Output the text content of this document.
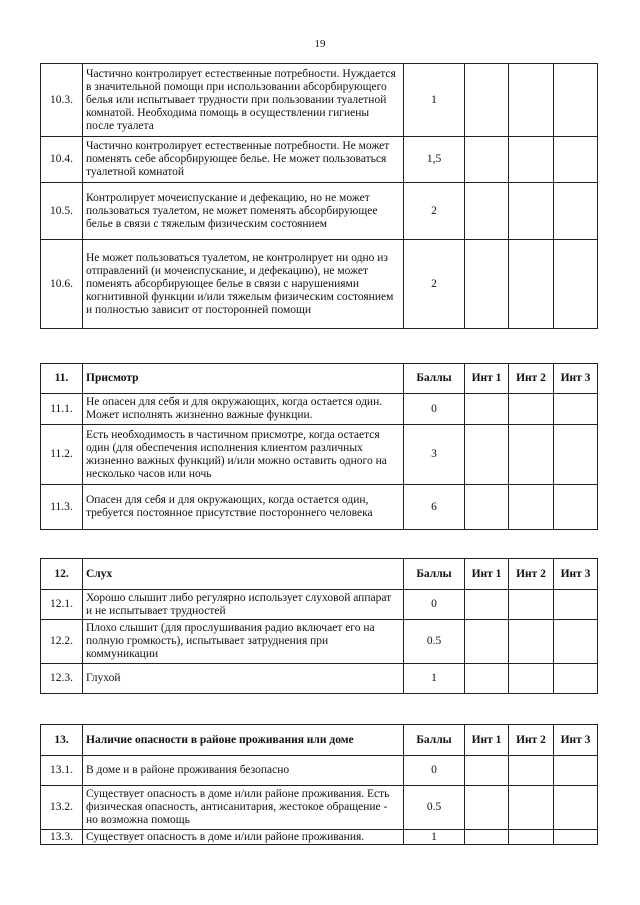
19
10.3.	Частично контролирует естественные потребности. Нуждается в значительной помощи при использовании абсорбирующего белья или испытывает трудности при пользовании туалетной комнатой. Необходима помощь в осуществлении гигиены после туалета	1			
10.4.	Частично контролирует естественные потребности. Не может поменять себе абсорбирующее белье. Не может пользоваться туалетной комнатой	1,5			
10.5.	Контролирует мочеиспускание и дефекацию, но не может пользоваться туалетом, не может поменять абсорбирующее белье в связи с тяжелым физическим состоянием	2			
10.6.	Не может пользоваться туалетом, не контролирует ни одно из отправлений (и мочеиспускание, и дефекацию), не может поменять абсорбирующее белье в связи с нарушениями когнитивной функции и/или тяжелым физическим состоянием и полностью зависит от посторонней помощи	2			
11.	Присмотр	Баллы	Инт 1	Инт 2	Инт 3
11.1.	Не опасен для себя и для окружающих, когда остается один. Может исполнять жизненно важные функции.	0			
11.2.	Есть необходимость в частичном присмотре, когда остается один (для обеспечения исполнения клиентом различных жизненно важных функций) и/или можно оставить одного на несколько часов или ночь	3			
11.3.	Опасен для себя и для окружающих, когда остается один, требуется постоянное присутствие постороннего человека	6			
12.	Слух	Баллы	Инт 1	Инт 2	Инт 3
12.1.	Хорошо слышит либо регулярно использует слуховой аппарат и не испытывает трудностей	0			
12.2.	Плохо слышит (для прослушивания радио включает его на полную громкость), испытывает затруднения при коммуникации	0.5			
12.3.	Глухой	1			
13.	Наличие опасности в районе проживания или доме	Баллы	Инт 1	Инт 2	Инт 3
13.1.	В доме и в районе проживания безопасно	0			
13.2.	Существует опасность в доме и/или районе проживания. Есть физическая опасность, антисанитария, жестокое обращение - но возможна помощь	0.5			
13.3.	Существует опасность в доме и/или районе проживания.	1			
